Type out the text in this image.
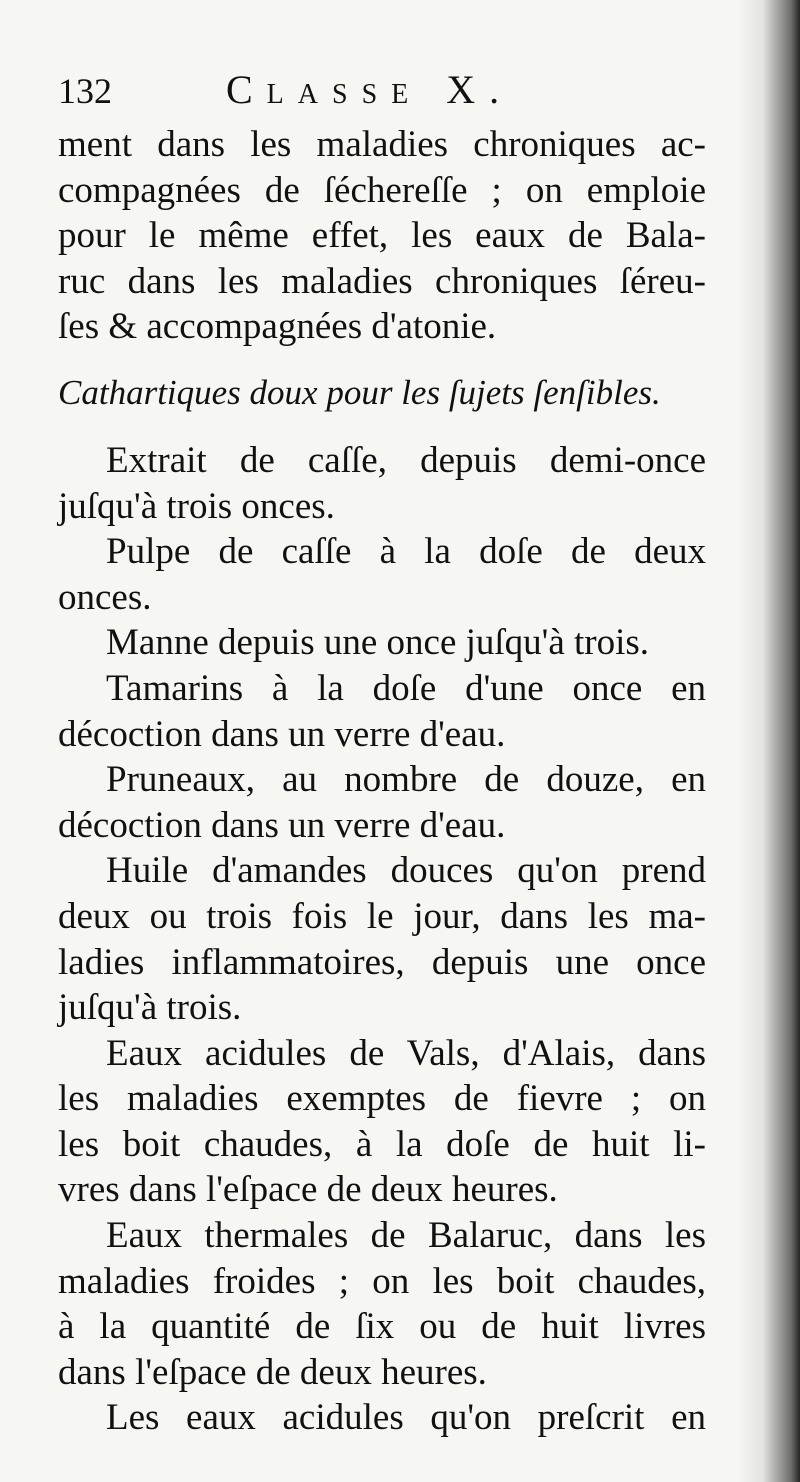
132	Classe X.
ment dans les maladies chroniques ac-
compagnées de ſécherеſſe ; on emploie
pour le même effet, les eaux de Bala-
ruc dans les maladies chroniques ſéreu-
ſes & accompagnées d'atonie.
Cathartiques doux pour les ſujets ſenſibles.
Extrait de caſſe, depuis demi-once
juſqu'à trois onces.
Pulpe de caſſe à la doſe de deux
onces.
Manne depuis une once juſqu'à trois.
Tamarins à la doſe d'une once en
décoction dans un verre d'eau.
Pruneaux, au nombre de douze, en
décoction dans un verre d'eau.
Huile d'amandes douces qu'on prend
deux ou trois fois le jour, dans les ma-
ladies inflammatoires, depuis une once
juſqu'à trois.
Eaux acidules de Vals, d'Alais, dans
les maladies exemptes de fievre ; on
les boit chaudes, à la doſe de huit li-
vres dans l'eſpace de deux heures.
Eaux thermales de Balaruc, dans les
maladies froides ; on les boit chaudes,
à la quantité de ſix ou de huit livres
dans l'eſpace de deux heures.
Les eaux acidules qu'on preſcrit en
